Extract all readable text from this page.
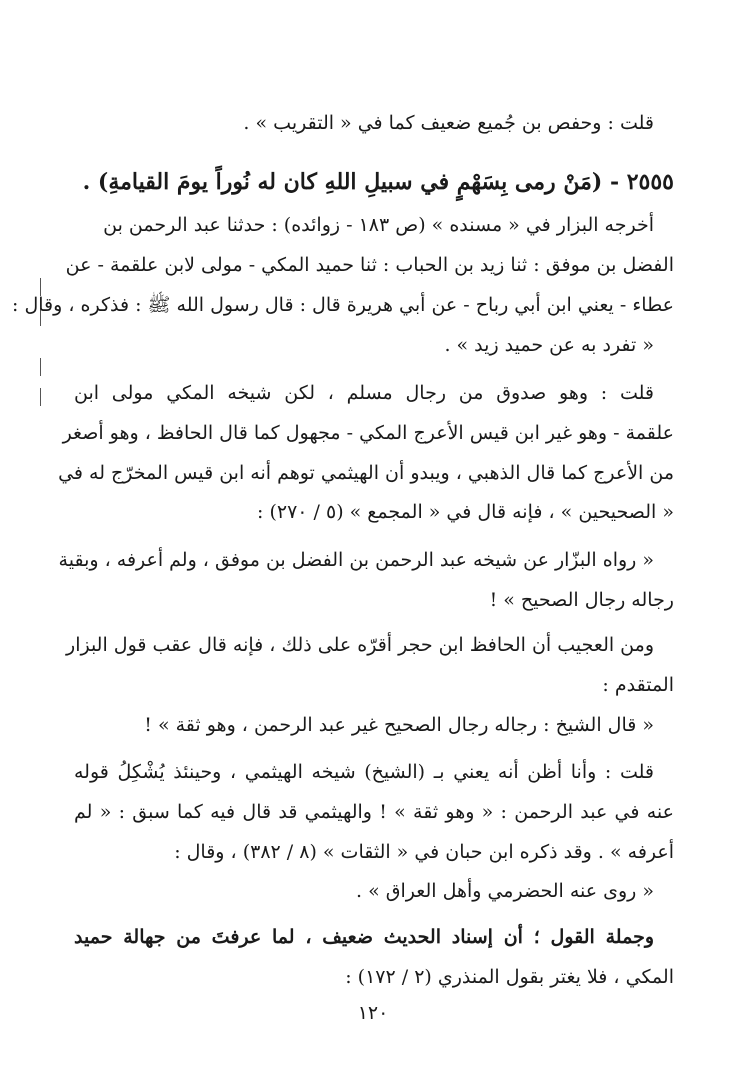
قلت : وحفص بن جُميع ضعيف كما في « التقريب » .
٢٥٥٥ - (مَنْ رمى بِسَهْمٍ في سبيلِ اللهِ كان له نُوراً يومَ القيامةِ) .
أخرجه البزار في « مسنده » (ص ١٨٣ - زوائده) : حدثنا عبد الرحمن بن
الفضل بن موفق : ثنا زيد بن الحباب : ثنا حميد المكي - مولى لابن علقمة - عن
عطاء - يعني ابن أبي رباح - عن أبي هريرة قال : قال رسول الله ﷺ : فذكره ، وقال :
« تفرد به عن حميد زيد » .
قلت : وهو صدوق من رجال مسلم ، لكن شيخه المكي مولى ابن
علقمة - وهو غير ابن قيس الأعرج المكي - مجهول كما قال الحافظ ، وهو أصغر
من الأعرج كما قال الذهبي ، ويبدو أن الهيثمي توهم أنه ابن قيس المخرّج له في
« الصحيحين » ، فإنه قال في « المجمع » (٥ / ٢٧٠) :
« رواه البزّار عن شيخه عبد الرحمن بن الفضل بن موفق ، ولم أعرفه ، وبقية
رجاله رجال الصحيح » !
ومن العجيب أن الحافظ ابن حجر أقرّه على ذلك ، فإنه قال عقب قول البزار
المتقدم :
« قال الشيخ : رجاله رجال الصحيح غير عبد الرحمن ، وهو ثقة » !
قلت : وأنا أظن أنه يعني بـ (الشيخ) شيخه الهيثمي ، وحينئذ يُشْكِلُ قوله
عنه في عبد الرحمن : « وهو ثقة » ! والهيثمي قد قال فيه كما سبق : « لم
أعرفه » . وقد ذكره ابن حبان في « الثقات » (٨ / ٣٨٢) ، وقال :
« روى عنه الحضرمي وأهل العراق » .
وجملة القول ؛ أن إسناد الحديث ضعيف ، لما عرفتَ من جهالة حميد
المكي ، فلا يغتر بقول المنذري (٢ / ١٧٢) :
١٢٠
